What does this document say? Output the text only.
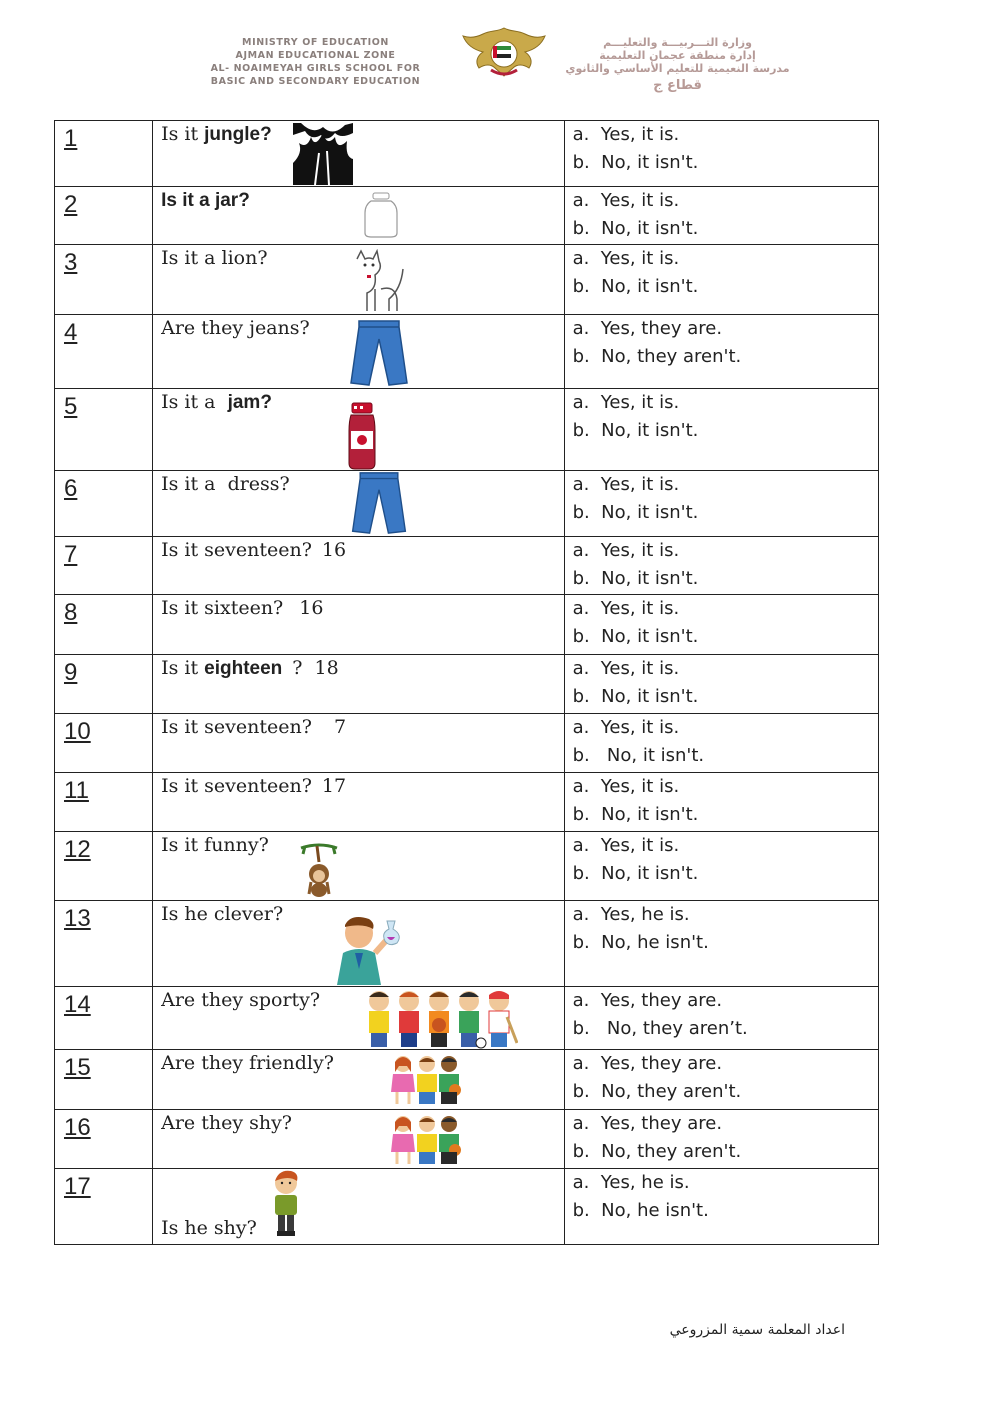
MINISTRY OF EDUCATION
AJMAN EDUCATIONAL ZONE
AL- NOAIMEYAH GIRLS SCHOOL FOR
BASIC AND SECONDARY EDUCATION
وزارة التـــربيـــة والتعليـــم
إدارة منطقة عجمان التعليمية
مدرسة النعيمية للتعليم الأساسي والثانوي
قطاع ج
1	Is it jungle?	a.  Yes, it is.
b.  No, it isn't.

2	Is it a jar?	a.  Yes, it is.
b.  No, it isn't.

3	Is it a lion?	a.  Yes, it is.
b.  No, it isn't.

4	Are they jeans?	a.  Yes, they are.
b.  No, they aren't.

5	Is it a  jam?	a.  Yes, it is.
b.  No, it isn't.

6	Is it a  dress?	a.  Yes, it is.
b.  No, it isn't.

7	Is it seventeen? 16	a.  Yes, it is.
b.  No, it isn't.

8	Is it sixteen? 16	a.  Yes, it is.
b.  No, it isn't.

9	Is it eighteen ?  18	a.  Yes, it is.
b.  No, it isn't.

10	Is it seventeen?  7	a.  Yes, it is.
b.   No, it isn't.

11	Is it seventeen? 17	a.  Yes, it is.
b.  No, it isn't.

12	Is it funny?	a.  Yes, it is.
b.  No, it isn't.

13	Is he clever?	a.  Yes, he is.
b.  No, he isn't.

14	Are they sporty?	a.  Yes, they are.
b.   No, they aren’t.

15	Are they friendly?	a.  Yes, they are.
b.  No, they aren't.

16	Are they shy?	a.  Yes, they are.
b.  No, they aren't.

17	Is he shy?	a.  Yes, he is.
b.  No, he isn't.
اعداد المعلمة سمية المزروعي
